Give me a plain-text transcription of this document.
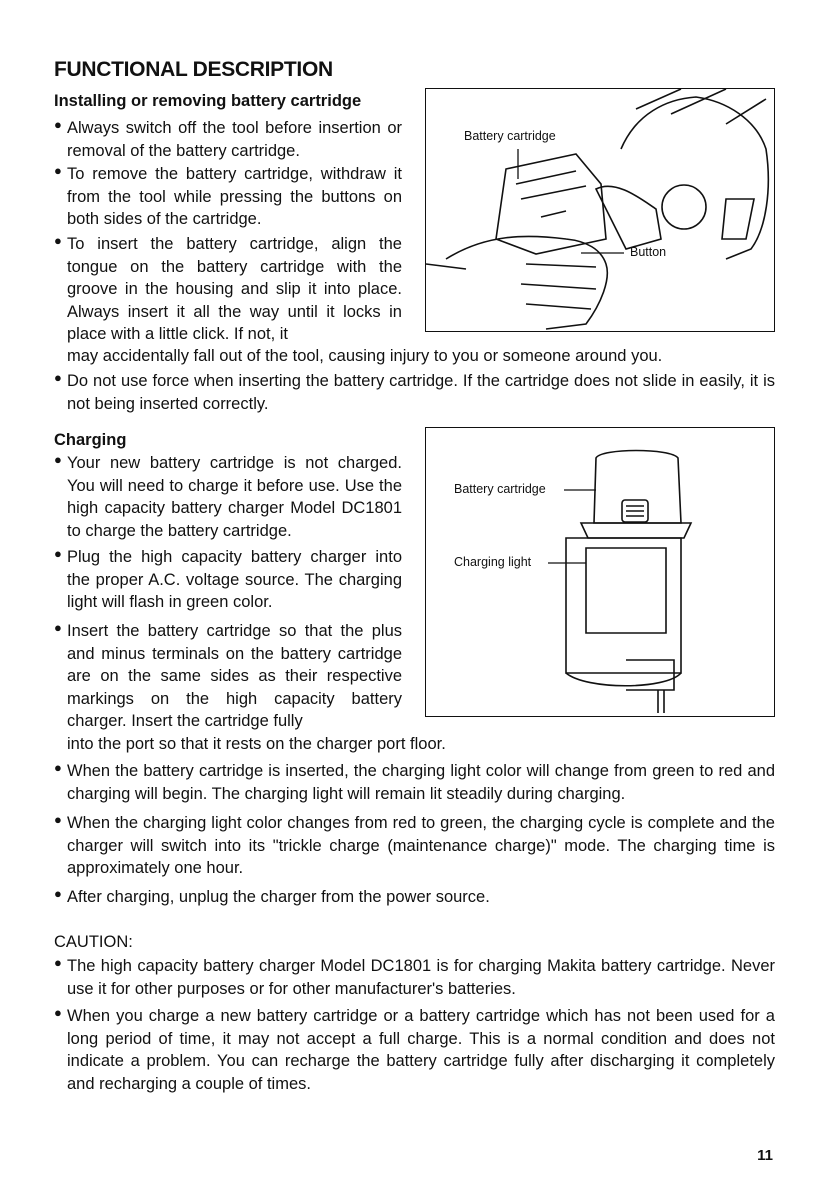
FUNCTIONAL DESCRIPTION
Installing or removing battery cartridge
● Always switch off the tool before insertion or removal of the battery cartridge.
● To remove the battery cartridge, withdraw it from the tool while pressing the buttons on both sides of the cartridge.
● To insert the battery cartridge, align the tongue on the battery cartridge with the groove in the housing and slip it into place. Always insert it all the way until it locks in place with a little click. If not, it
may accidentally fall out of the tool, causing injury to you or someone around you.
● Do not use force when inserting the battery cartridge. If the cartridge does not slide in easily, it is not being inserted correctly.
Battery cartridge
Button
Charging
● Your new battery cartridge is not charged. You will need to charge it before use. Use the high capacity battery charger Model DC1801 to charge the battery cartridge.
● Plug the high capacity battery charger into the proper A.C. voltage source. The charging light will flash in green color.
● Insert the battery cartridge so that the plus and minus terminals on the battery cartridge are on the same sides as their respective markings on the high capacity battery charger. Insert the cartridge fully
into the port so that it rests on the charger port floor.
● When the battery cartridge is inserted, the charging light color will change from green to red and charging will begin. The charging light will remain lit steadily during charging.
● When the charging light color changes from red to green, the charging cycle is complete and the charger will switch into its "trickle charge (maintenance charge)" mode. The charging time is approximately one hour.
● After charging, unplug the charger from the power source.
Battery cartridge
Charging light
CAUTION:
● The high capacity battery charger Model DC1801 is for charging Makita battery cartridge. Never use it for other purposes or for other manufacturer's batteries.
● When you charge a new battery cartridge or a battery cartridge which has not been used for a long period of time, it may not accept a full charge. This is a normal condition and does not indicate a problem. You can recharge the battery cartridge fully after discharging it completely and recharging a couple of times.
11
